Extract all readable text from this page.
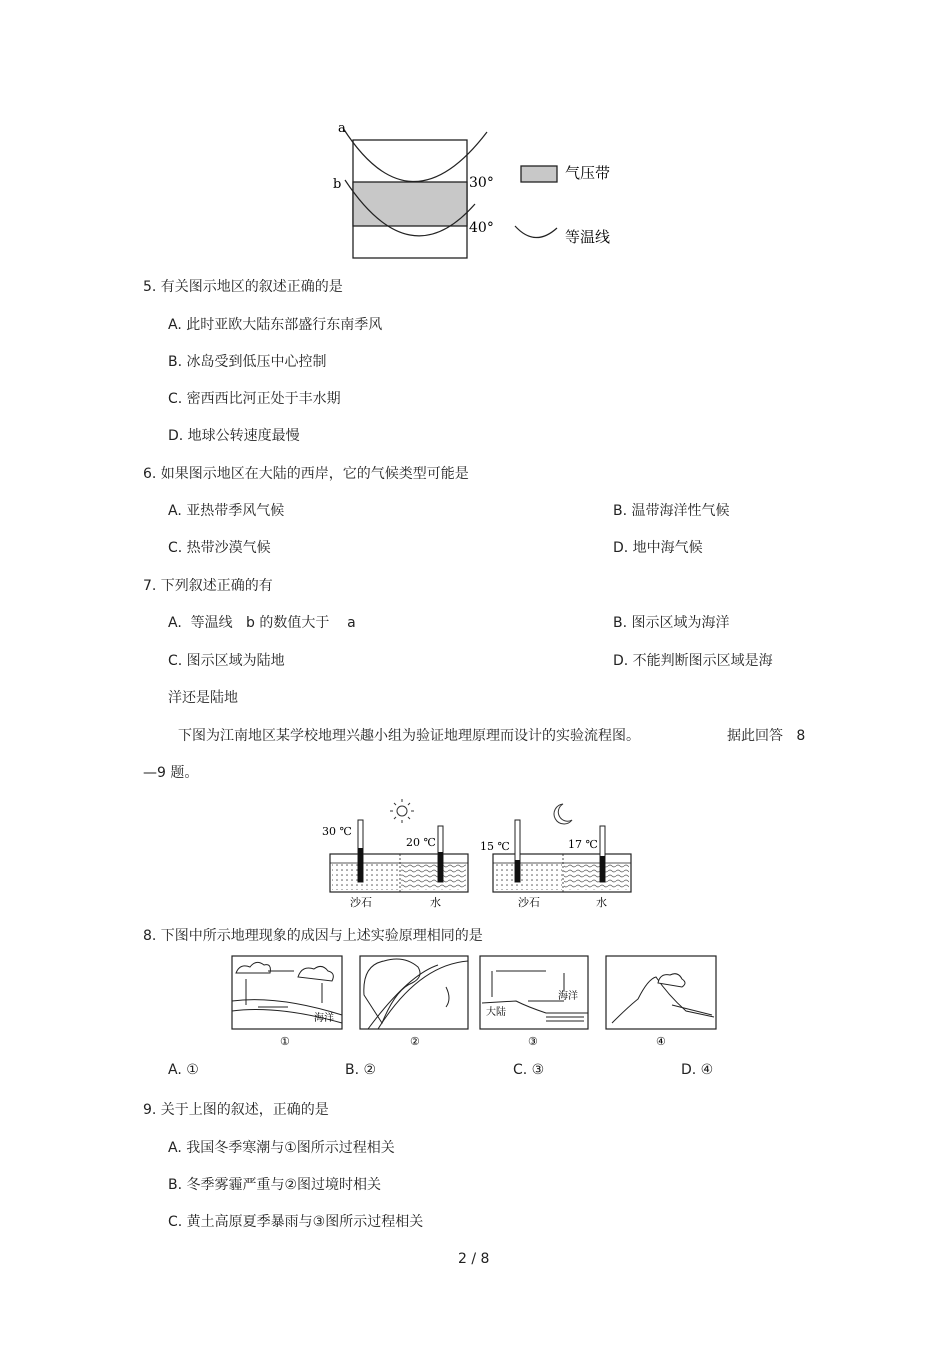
a
b	30°
40°
气压带
等温线
5. 有关图示地区的叙述正确的是
A. 此时亚欧大陆东部盛行东南季风
B. 冰岛受到低压中心控制
C. 密西西比河正处于丰水期
D. 地球公转速度最慢
6. 如果图示地区在大陆的西岸，它的气候类型可能是
A. 亚热带季风气候	B. 温带海洋性气候
C. 热带沙漠气候	D. 地中海气候
7. 下列叙述正确的有
A.  等温线   b 的数值大于    a	B. 图示区域为海洋
C. 图示区域为陆地	D. 不能判断图示区域是海
洋还是陆地
下图为江南地区某学校地理兴趣小组为验证地理原理而设计的实验流程图。	据此回答   8
—9 题。
30 ℃
20 ℃
沙石	水
15 ℃	17 ℃
沙石	水
8. 下图中所示地理现象的成因与上述实验原理相同的是
海洋
①	②
海洋
大陆
③	④
A. ①	B. ②	C. ③	D. ④
9. 关于上图的叙述，正确的是
A. 我国冬季寒潮与①图所示过程相关
B. 冬季雾霾严重与②图过境时相关
C. 黄土高原夏季暴雨与③图所示过程相关
2 / 8
